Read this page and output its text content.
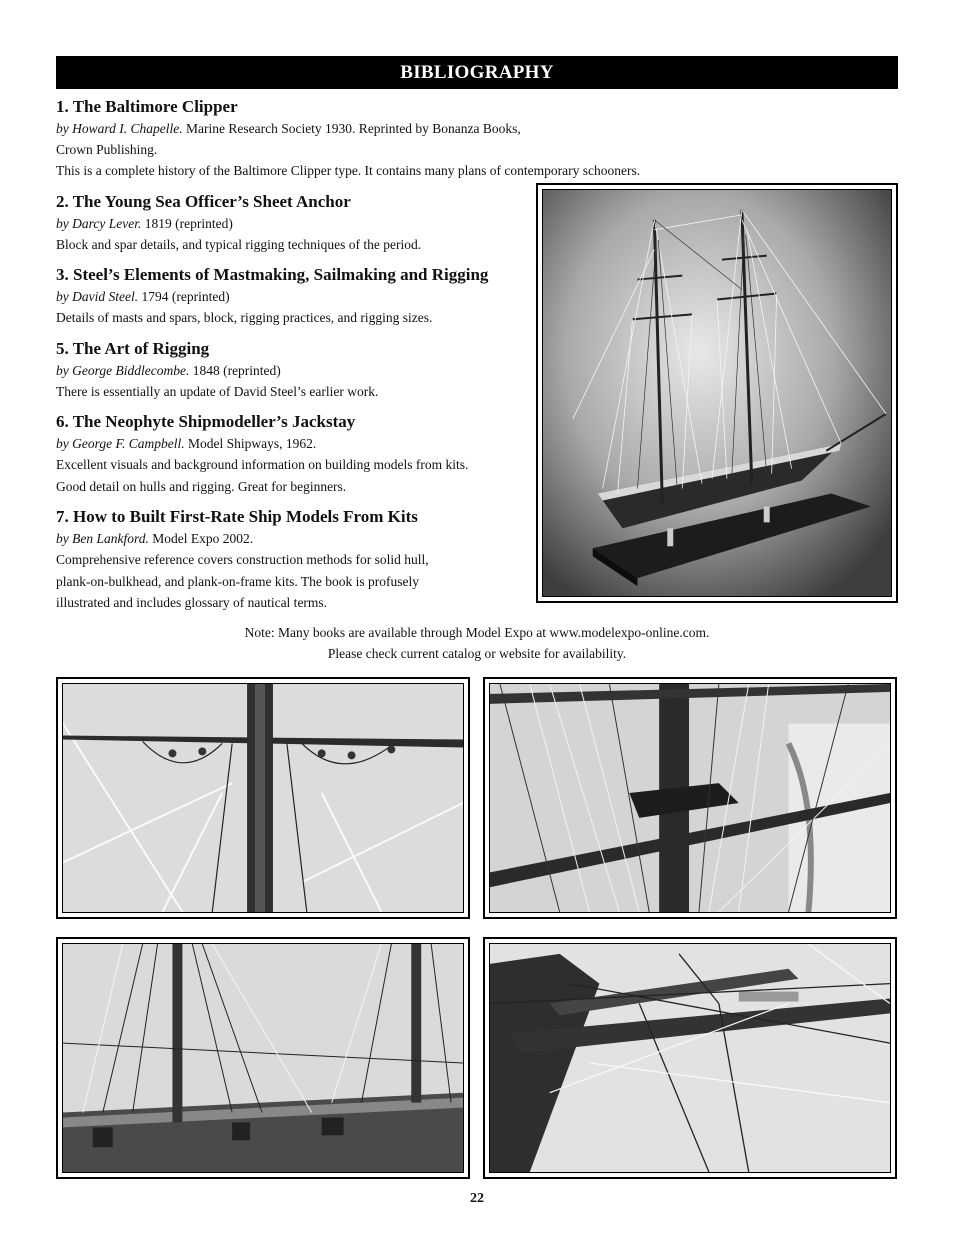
BIBLIOGRAPHY
1. The Baltimore Clipper
by Howard I. Chapelle. Marine Research Society 1930. Reprinted by Bonanza Books, Crown Publishing.
This is a complete history of the Baltimore Clipper type. It contains many plans of contemporary schooners.
2. The Young Sea Officer’s Sheet Anchor
by Darcy Lever. 1819 (reprinted)
Block and spar details, and typical rigging techniques of the period.
3. Steel’s Elements of Mastmaking, Sailmaking and Rigging
by David Steel. 1794 (reprinted)
Details of masts and spars, block, rigging practices, and rigging sizes.
5. The Art of Rigging
by George Biddlecombe. 1848 (reprinted)
There is essentially an update of David Steel’s earlier work.
6. The Neophyte Shipmodeller’s Jackstay
by George F. Campbell. Model Shipways, 1962.
Excellent visuals and background information on building models from kits.
Good detail on hulls and rigging. Great for beginners.
7. How to Built First-Rate Ship Models From Kits
by Ben Lankford. Model Expo 2002.
Comprehensive reference covers construction methods for solid hull,
plank-on-bulkhead, and plank-on-frame kits. The book is profusely
illustrated and includes glossary of nautical terms.
Note: Many books are available through Model Expo at www.modelexpo-online.com.
Please check current catalog or website for availability.
22
